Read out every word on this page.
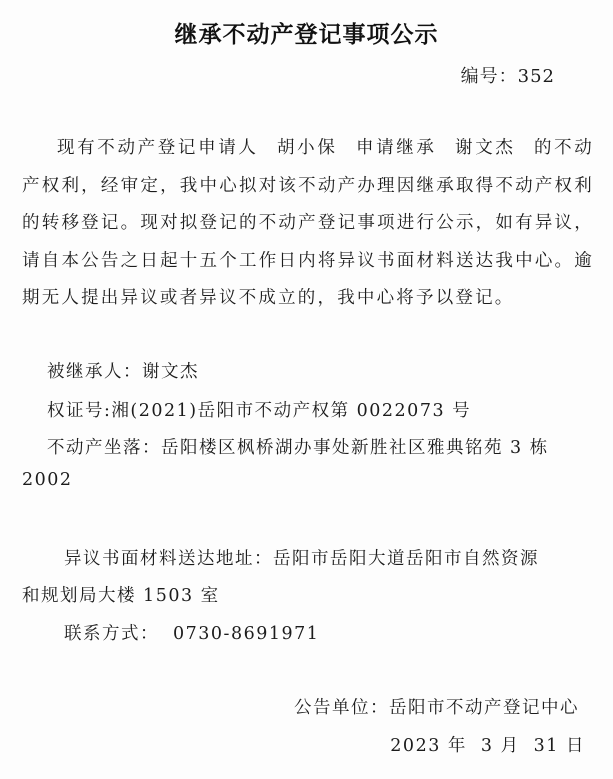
继承不动产登记事项公示
编号：352

现有不动产登记申请人 胡小保 申请继承 谢文杰 的不动产权利，经审定，我中心拟对该不动产办理因继承取得不动产权利的转移登记。现对拟登记的不动产登记事项进行公示，如有异议，请自本公告之日起十五个工作日内将异议书面材料送达我中心。逾期无人提出异议或者异议不成立的，我中心将予以登记。

被继承人：谢文杰
权证号:湘(2021)岳阳市不动产权第 0022073 号
不动产坐落：岳阳楼区枫桥湖办事处新胜社区雅典铭苑 3 栋
2002
异议书面材料送达地址：岳阳市岳阳大道岳阳市自然资源
和规划局大楼 1503 室
联系方式： 0730-8691971
公告单位：岳阳市不动产登记中心
2023 年 3 月 31 日
